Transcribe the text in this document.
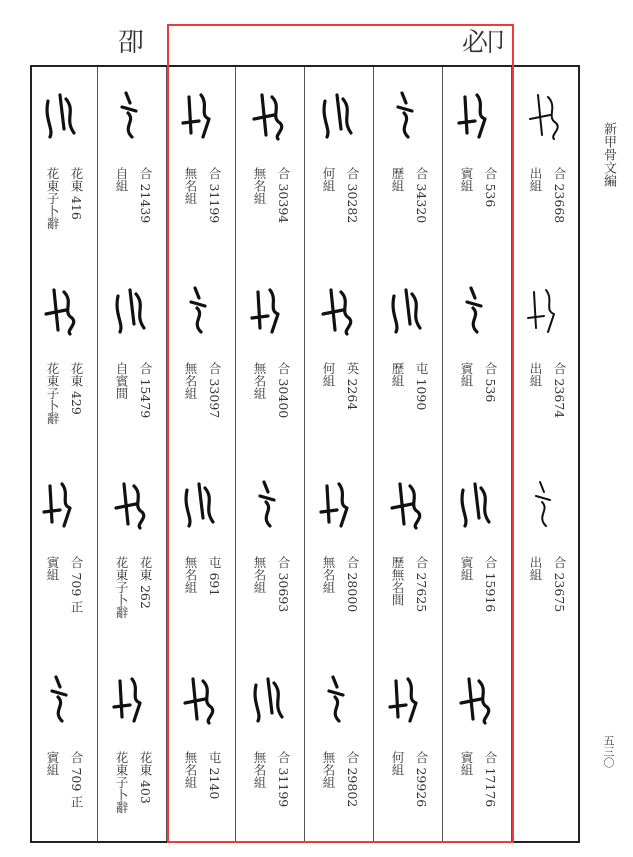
卲	必卩
合 23668
出組
合 23674
出組
合 23675
出組
合 536
賓組
合 536
賓組
合 15916
賓組
合 17176
賓組
合 34320
歷組
屯 1090
歷組
合 27625
歷無名間
合 29926
何組
合 30282
何組
英 2264
何組
合 28000
無名組
合 29802
無名組
合 30394
無名組
合 30400
無名組
合 30693
無名組
合 31199
無名組
合 31199
無名組
合 33097
無名組
屯 691
無名組
屯 2140
無名組
合 21439
自組
合 15479
自賓間
花東 262
花東子卜辭
花東 403
花東子卜辭
花東 416
花東子卜辭
花東 429
花東子卜辭
合 709 正
賓組
合 709 正
賓組
新甲骨文編
五三〇
